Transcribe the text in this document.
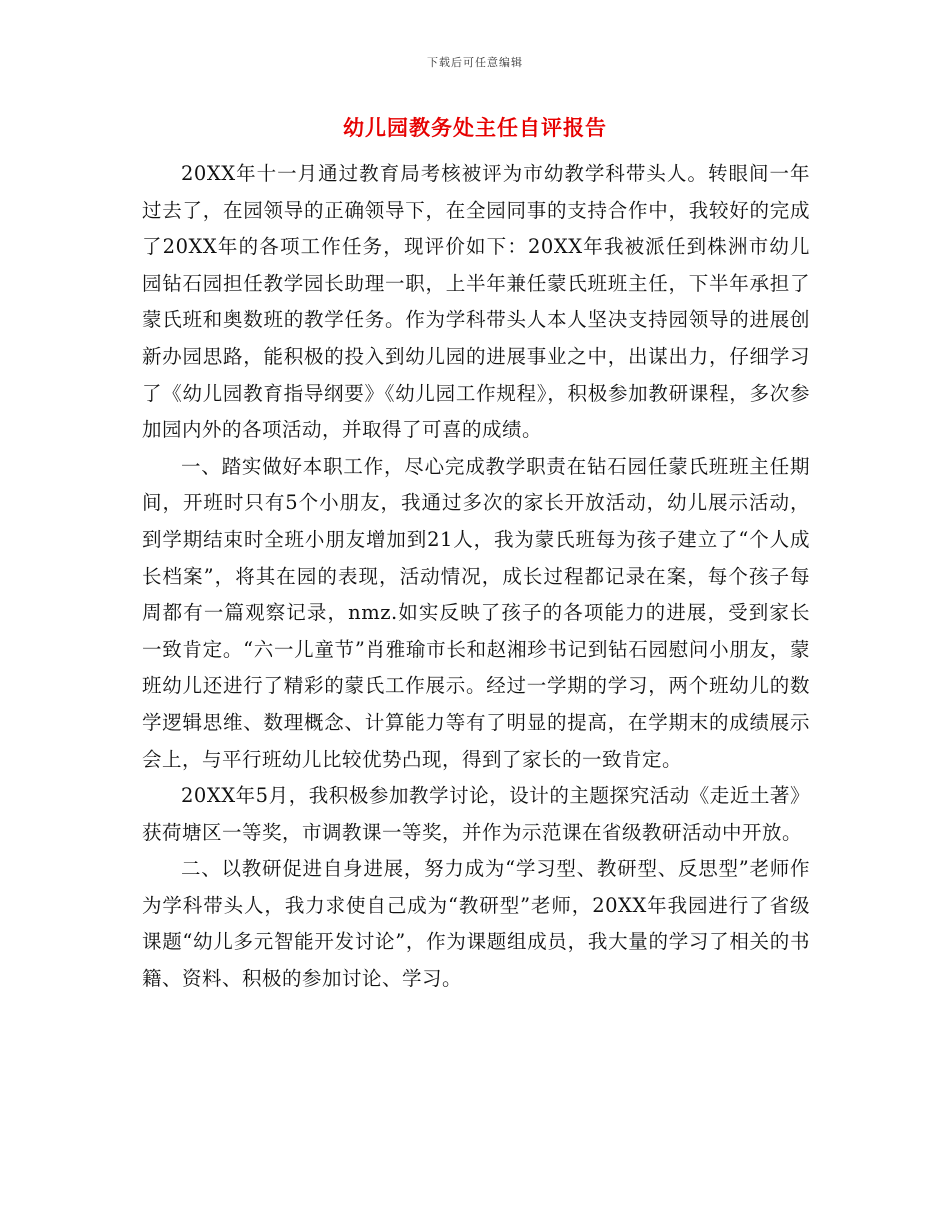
下载后可任意编辑
幼儿园教务处主任自评报告

20XX年十一月通过教育局考核被评为市幼教学科带头人。转眼间一年过去了，在园领导的正确领导下，在全园同事的支持合作中，我较好的完成了20XX年的各项工作任务，现评价如下：20XX年我被派任到株洲市幼儿园钻石园担任教学园长助理一职，上半年兼任蒙氏班班主任，下半年承担了蒙氏班和奥数班的教学任务。作为学科带头人本人坚决支持园领导的进展创新办园思路，能积极的投入到幼儿园的进展事业之中，出谋出力，仔细学习了《幼儿园教育指导纲要》《幼儿园工作规程》，积极参加教研课程，多次参加园内外的各项活动，并取得了可喜的成绩。

一、踏实做好本职工作，尽心完成教学职责在钻石园任蒙氏班班主任期间，开班时只有5个小朋友，我通过多次的家长开放活动，幼儿展示活动，到学期结束时全班小朋友增加到21人，我为蒙氏班每为孩子建立了“个人成长档案”，将其在园的表现，活动情况，成长过程都记录在案，每个孩子每周都有一篇观察记录，nmz.如实反映了孩子的各项能力的进展，受到家长一致肯定。“六一儿童节”肖雅瑜市长和赵湘珍书记到钻石园慰问小朋友，蒙班幼儿还进行了精彩的蒙氏工作展示。经过一学期的学习，两个班幼儿的数学逻辑思维、数理概念、计算能力等有了明显的提高，在学期末的成绩展示会上，与平行班幼儿比较优势凸现，得到了家长的一致肯定。

20XX年5月，我积极参加教学讨论，设计的主题探究活动《走近土著》获荷塘区一等奖，市调教课一等奖，并作为示范课在省级教研活动中开放。

二、以教研促进自身进展，努力成为“学习型、教研型、反思型”老师作为学科带头人，我力求使自己成为“教研型”老师，20XX年我园进行了省级课题“幼儿多元智能开发讨论”，作为课题组成员，我大量的学习了相关的书籍、资料、积极的参加讨论、学习。
